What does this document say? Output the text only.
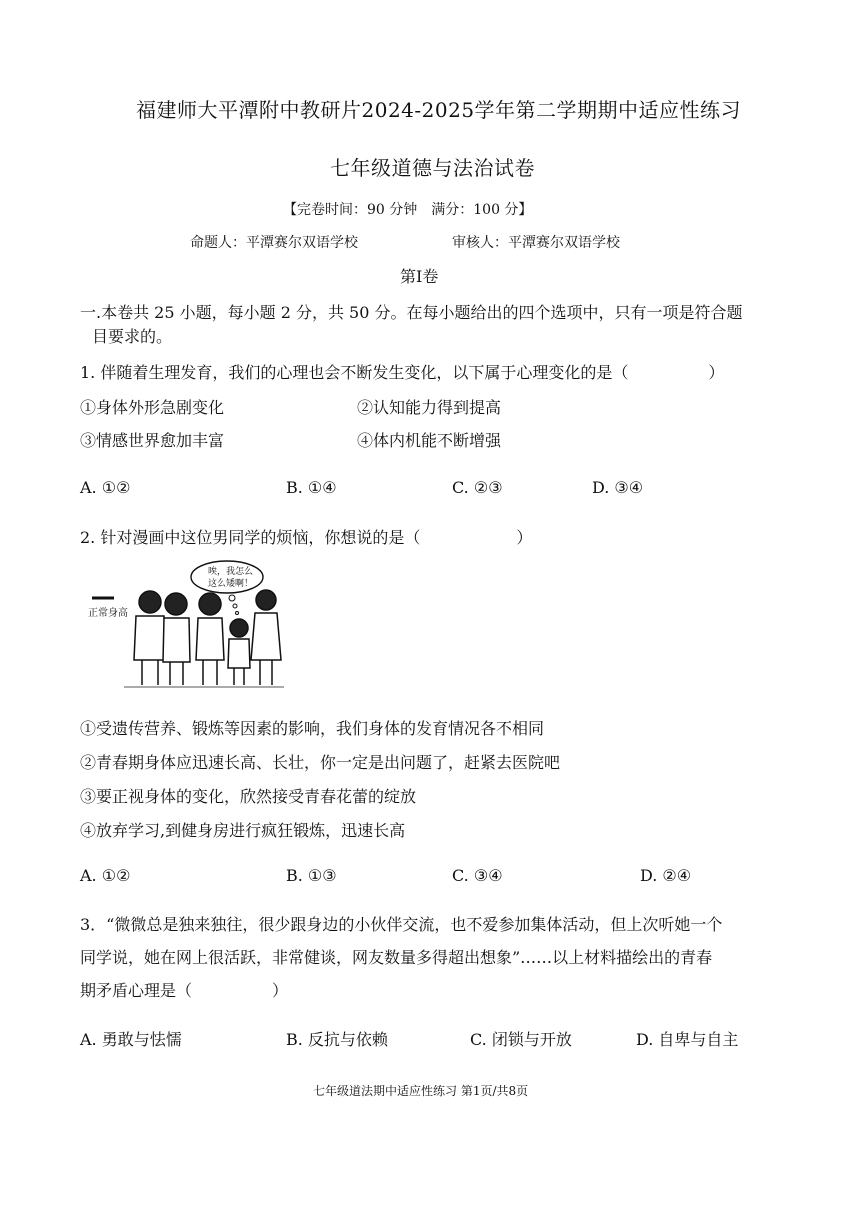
福建师大平潭附中教研片2024-2025学年第二学期期中适应性练习
七年级道德与法治试卷
【完卷时间：90 分钟　满分：100 分】
命题人：平潭赛尔双语学校	审核人：平潭赛尔双语学校
第Ⅰ卷
一.本卷共 25 小题，每小题 2 分，共 50 分。在每小题给出的四个选项中，只有一项是符合题
目要求的。
1. 伴随着生理发育，我们的心理也会不断发生变化，以下属于心理变化的是（　　　　　）
①身体外形急剧变化	②认知能力得到提高
③情感世界愈加丰富	④体内机能不断增强
A. ①②	B. ①④	C. ②③	D. ③④
2. 针对漫画中这位男同学的烦恼，你想说的是（　　　　　　）
正常身高
唉，我怎么
这么矮啊！
①受遗传营养、锻炼等因素的影响，我们身体的发育情况各不相同
②青春期身体应迅速长高、长壮，你一定是出问题了，赶紧去医院吧
③要正视身体的变化，欣然接受青春花蕾的绽放
④放弃学习,到健身房进行疯狂锻炼，迅速长高
A. ①②	B. ①③	C. ③④	D. ②④
3．“微微总是独来独往，很少跟身边的小伙伴交流，也不爱参加集体活动，但上次听她一个
同学说，她在网上很活跃，非常健谈，网友数量多得超出想象”……以上材料描绘出的青春
期矛盾心理是（　　　　　）
A. 勇敢与怯懦	B. 反抗与依赖	C. 闭锁与开放	D. 自卑与自主
七年级道法期中适应性练习 第1页/共8页
